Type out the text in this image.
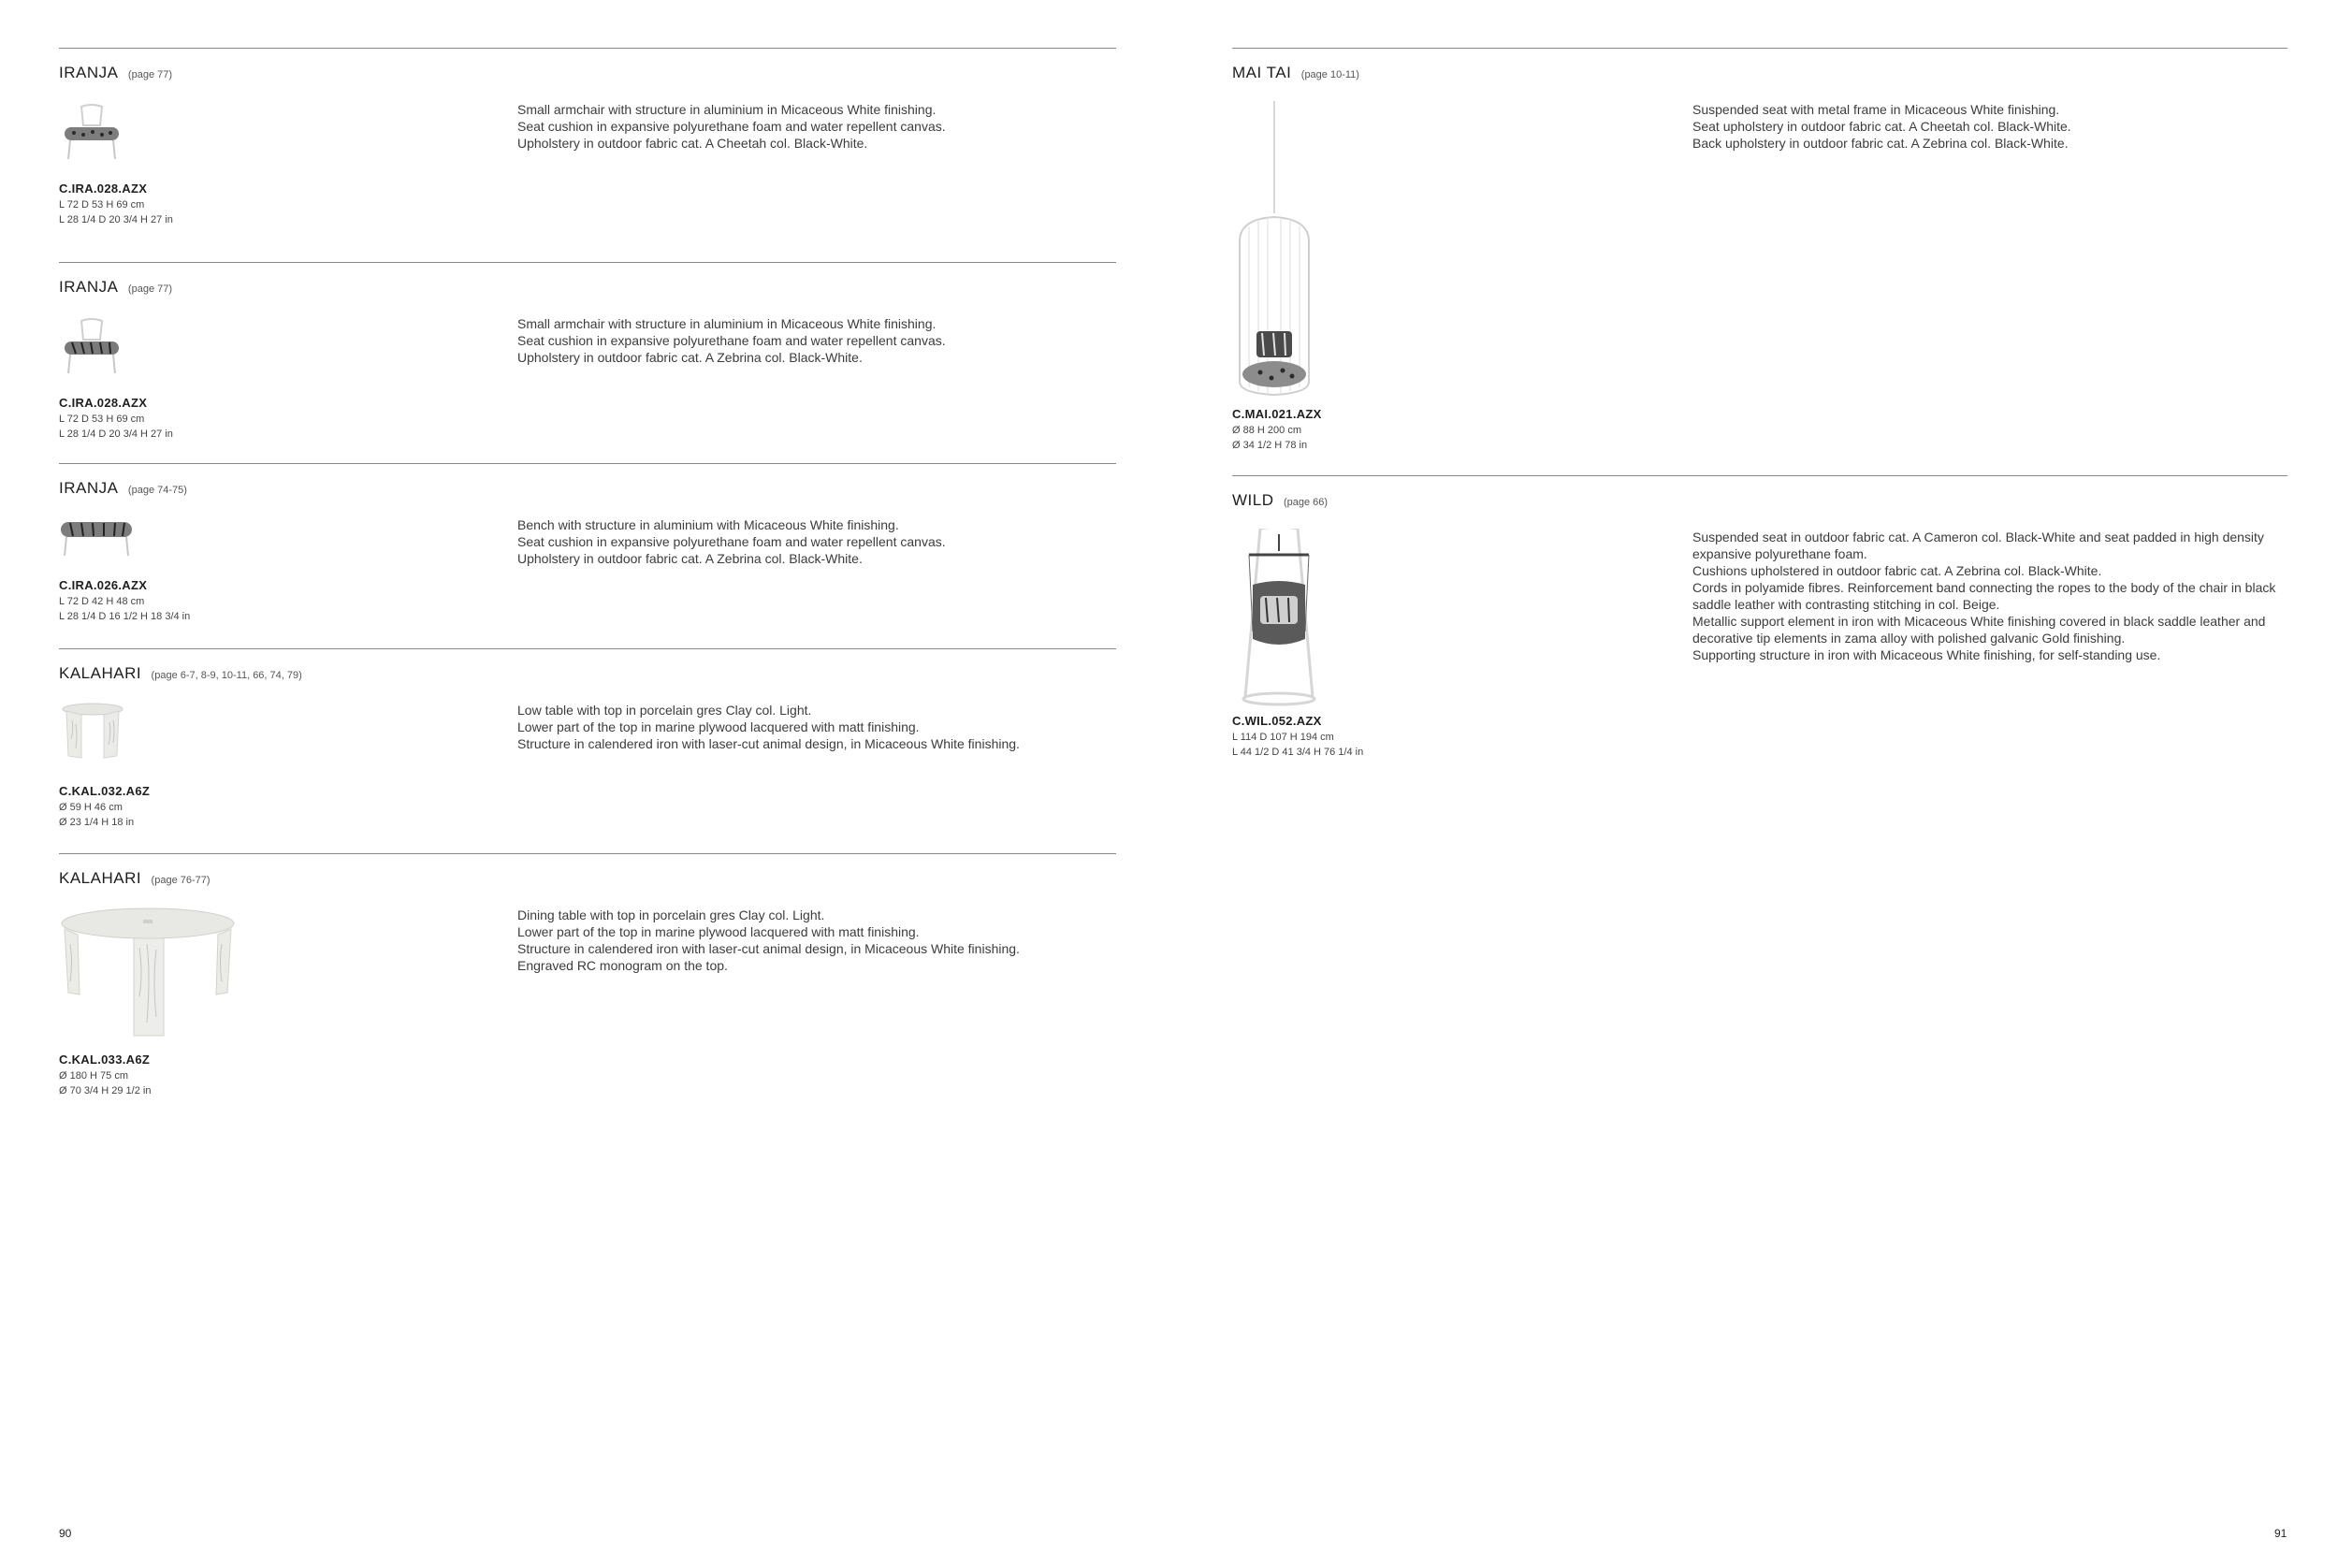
IRANJA (page 77)
C.IRA.028.AZX
L 72 D 53 H 69 cm
L 28 1/4 D 20 3/4 H 27 in
Small armchair with structure in aluminium in Micaceous White finishing.
Seat cushion in expansive polyurethane foam and water repellent canvas.
Upholstery in outdoor fabric cat. A Cheetah col. Black-White.
IRANJA (page 77)
C.IRA.028.AZX
L 72 D 53 H 69 cm
L 28 1/4 D 20 3/4 H 27 in
Small armchair with structure in aluminium in Micaceous White finishing.
Seat cushion in expansive polyurethane foam and water repellent canvas.
Upholstery in outdoor fabric cat. A Zebrina col. Black-White.
IRANJA (page 74-75)
C.IRA.026.AZX
L 72 D 42 H 48 cm
L 28 1/4 D 16 1/2 H 18 3/4 in
Bench with structure in aluminium with Micaceous White finishing.
Seat cushion in expansive polyurethane foam and water repellent canvas.
Upholstery in outdoor fabric cat. A Zebrina col. Black-White.
KALAHARI (page 6-7, 8-9, 10-11, 66, 74, 79)
C.KAL.032.A6Z
Ø 59 H 46 cm
Ø 23 1/4 H 18 in
Low table with top in porcelain gres Clay col. Light.
Lower part of the top in marine plywood lacquered with matt finishing.
Structure in calendered iron with laser-cut animal design, in Micaceous White finishing.
KALAHARI (page 76-77)
C.KAL.033.A6Z
Ø 180 H 75 cm
Ø 70 3/4 H 29 1/2 in
Dining table with top in porcelain gres Clay col. Light.
Lower part of the top in marine plywood lacquered with matt finishing.
Structure in calendered iron with laser-cut animal design, in Micaceous White finishing.
Engraved RC monogram on the top.
90
MAI TAI (page 10-11)
C.MAI.021.AZX
Ø 88 H 200 cm
Ø 34 1/2 H 78 in
Suspended seat with metal frame in Micaceous White finishing.
Seat upholstery in outdoor fabric cat. A Cheetah col. Black-White.
Back upholstery in outdoor fabric cat. A Zebrina col. Black-White.
WILD (page 66)
C.WIL.052.AZX
L 114 D 107 H 194 cm
L 44 1/2 D 41 3/4 H 76 1/4 in
Suspended seat in outdoor fabric cat. A Cameron col. Black-White and seat padded in high density expansive polyurethane foam.
Cushions upholstered in outdoor fabric cat. A Zebrina col. Black-White.
Cords in polyamide fibres. Reinforcement band connecting the ropes to the body of the chair in black saddle leather with contrasting stitching in col. Beige.
Metallic support element in iron with Micaceous White finishing covered in black saddle leather and decorative tip elements in zama alloy with polished galvanic Gold finishing.
Supporting structure in iron with Micaceous White finishing, for self-standing use.
91
